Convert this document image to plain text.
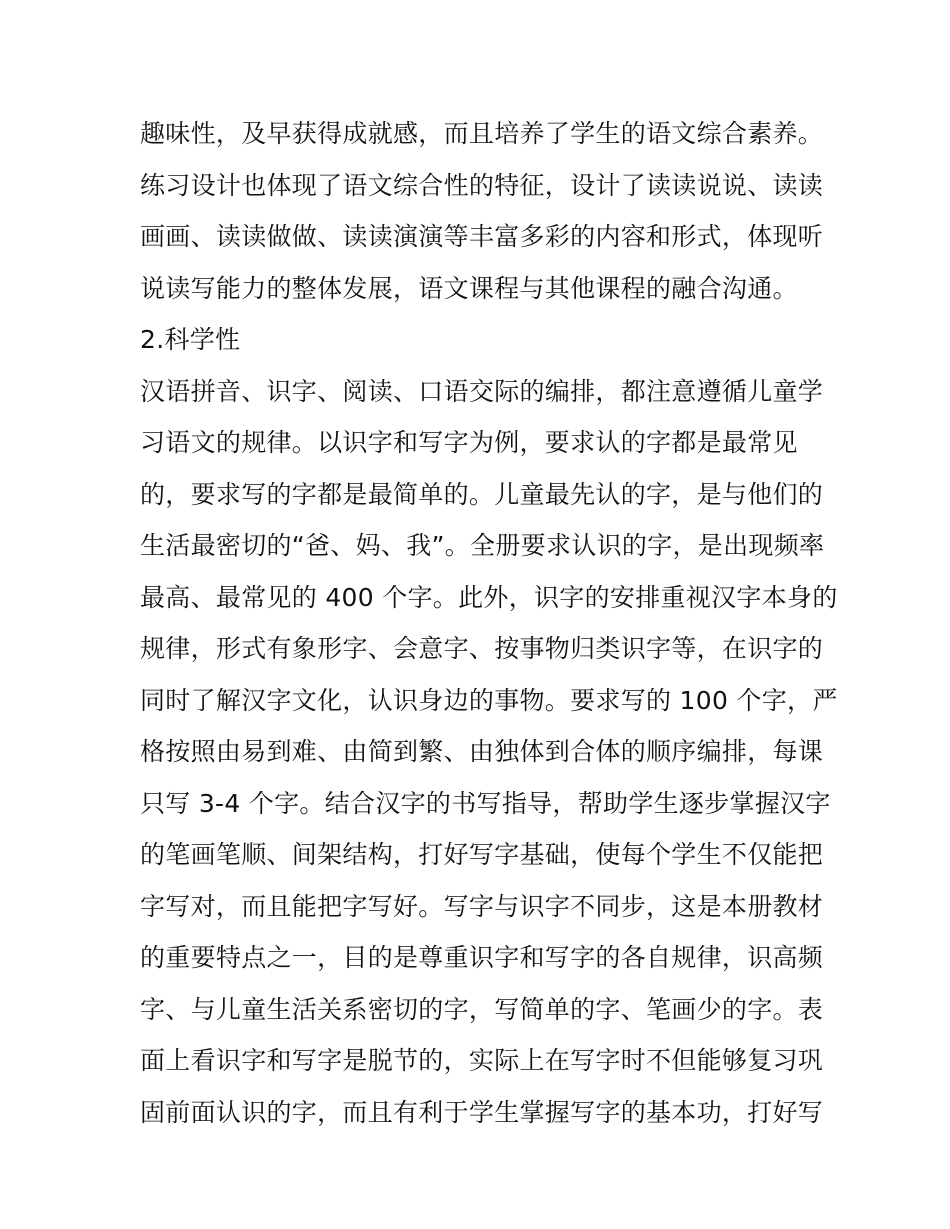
趣味性，及早获得成就感，而且培养了学生的语文综合素养。
练习设计也体现了语文综合性的特征，设计了读读说说、读读
画画、读读做做、读读演演等丰富多彩的内容和形式，体现听
说读写能力的整体发展，语文课程与其他课程的融合沟通。
2.科学性
汉语拼音、识字、阅读、口语交际的编排，都注意遵循儿童学
习语文的规律。以识字和写字为例，要求认的字都是最常见
的，要求写的字都是最简单的。儿童最先认的字，是与他们的
生活最密切的“爸、妈、我”。全册要求认识的字，是出现频率
最高、最常见的 400 个字。此外，识字的安排重视汉字本身的
规律，形式有象形字、会意字、按事物归类识字等，在识字的
同时了解汉字文化，认识身边的事物。要求写的 100 个字，严
格按照由易到难、由简到繁、由独体到合体的顺序编排，每课
只写 3-4 个字。结合汉字的书写指导，帮助学生逐步掌握汉字
的笔画笔顺、间架结构，打好写字基础，使每个学生不仅能把
字写对，而且能把字写好。写字与识字不同步，这是本册教材
的重要特点之一，目的是尊重识字和写字的各自规律，识高频
字、与儿童生活关系密切的字，写简单的字、笔画少的字。表
面上看识字和写字是脱节的，实际上在写字时不但能够复习巩
固前面认识的字，而且有利于学生掌握写字的基本功，打好写
